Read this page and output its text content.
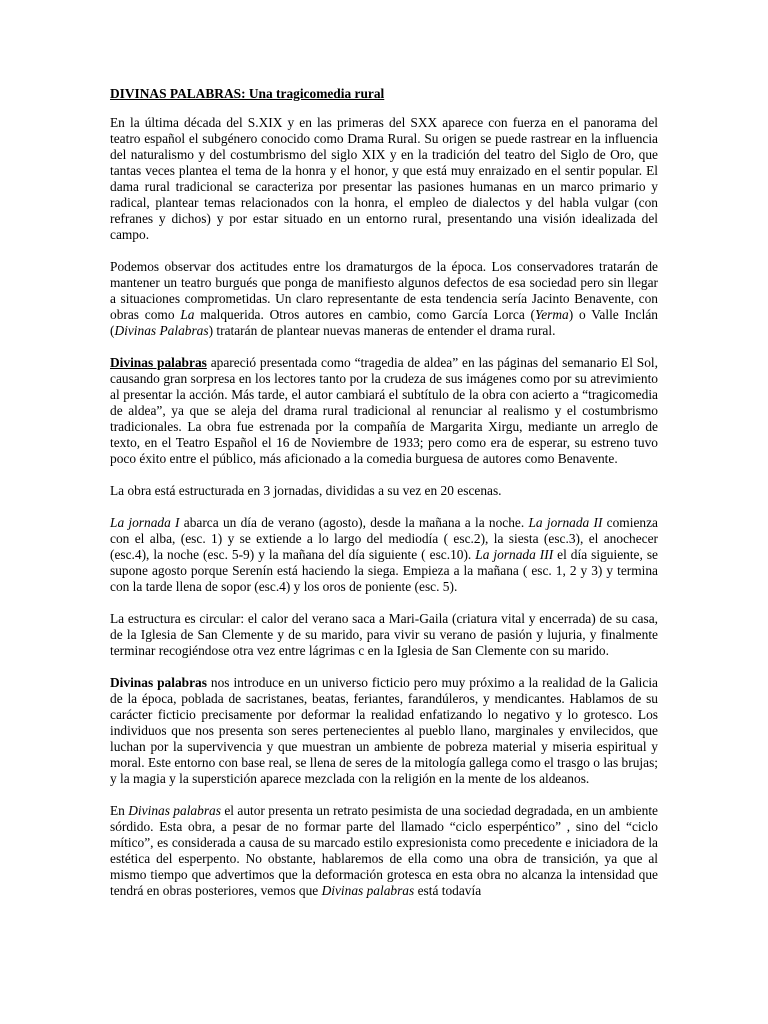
DIVINAS PALABRAS: Una tragicomedia rural

En la última década del S.XIX y en las primeras del SXX aparece con fuerza en el panorama del teatro español el subgénero conocido como Drama Rural. Su origen se puede rastrear en la influencia del naturalismo y del costumbrismo del siglo XIX y en la tradición del teatro del Siglo de Oro, que tantas veces plantea el tema de la honra y el honor, y que está muy enraizado en el sentir popular. El dama rural tradicional se caracteriza por presentar las pasiones humanas en un marco primario y radical, plantear temas relacionados con la honra, el empleo de dialectos y del habla vulgar (con refranes y dichos) y por estar situado en un entorno rural, presentando una visión idealizada del campo.

Podemos observar dos actitudes entre los dramaturgos de la época. Los conservadores tratarán de mantener un teatro burgués que ponga de manifiesto algunos defectos de esa sociedad pero sin llegar a situaciones comprometidas. Un claro representante de esta tendencia sería Jacinto Benavente, con obras como La malquerida. Otros autores en cambio, como García Lorca (Yerma) o Valle Inclán (Divinas Palabras) tratarán de plantear nuevas maneras de entender el drama rural.

Divinas palabras apareció presentada como “tragedia de aldea” en las páginas del semanario El Sol, causando gran sorpresa en los lectores tanto por la crudeza de sus imágenes como por su atrevimiento al presentar la acción. Más tarde, el autor cambiará el subtítulo de la obra con acierto a “tragicomedia de aldea”, ya que se aleja del drama rural tradicional al renunciar al realismo y el costumbrismo tradicionales. La obra fue estrenada por la compañía de Margarita Xirgu, mediante un arreglo de texto, en el Teatro Español el 16 de Noviembre de 1933; pero como era de esperar, su estreno tuvo poco éxito entre el público, más aficionado a la comedia burguesa de autores como Benavente.

La obra está estructurada en 3 jornadas, divididas a su vez en 20 escenas.

La jornada I abarca un día de verano (agosto), desde la mañana a la noche. La jornada II comienza con el alba, (esc. 1) y se extiende a lo largo del mediodía ( esc.2), la siesta (esc.3), el anochecer (esc.4), la noche (esc. 5-9) y la mañana del día siguiente ( esc.10). La jornada III el día siguiente, se supone agosto porque Serenín está haciendo la siega. Empieza a la mañana ( esc. 1, 2 y 3) y termina con la tarde llena de sopor (esc.4) y los oros de poniente (esc. 5).

La estructura es circular: el calor del verano saca a Mari-Gaila (criatura vital y encerrada) de su casa, de la Iglesia de San Clemente y de su marido, para vivir su verano de pasión y lujuria, y finalmente terminar recogiéndose otra vez entre lágrimas c en la Iglesia de San Clemente con su marido.

Divinas palabras nos introduce en un universo ficticio pero muy próximo a la realidad de la Galicia de la época, poblada de sacristanes, beatas, feriantes, farandúleros, y mendicantes. Hablamos de su carácter ficticio precisamente por deformar la realidad enfatizando lo negativo y lo grotesco. Los individuos que nos presenta son seres pertenecientes al pueblo llano, marginales y envilecidos, que luchan por la supervivencia y que muestran un ambiente de pobreza material y miseria espiritual y moral. Este entorno con base real, se llena de seres de la mitología gallega como el trasgo o las brujas; y la magia y la superstición aparece mezclada con la religión en la mente de los aldeanos.

En Divinas palabras el autor presenta un retrato pesimista de una sociedad degradada, en un ambiente sórdido. Esta obra, a pesar de no formar parte del llamado “ciclo esperpéntico” , sino del “ciclo mítico”, es considerada a causa de su marcado estilo expresionista como precedente e iniciadora de la estética del esperpento. No obstante, hablaremos de ella como una obra de transición, ya que al mismo tiempo que advertimos que la deformación grotesca en esta obra no alcanza la intensidad que tendrá en obras posteriores, vemos que Divinas palabras está todavía
